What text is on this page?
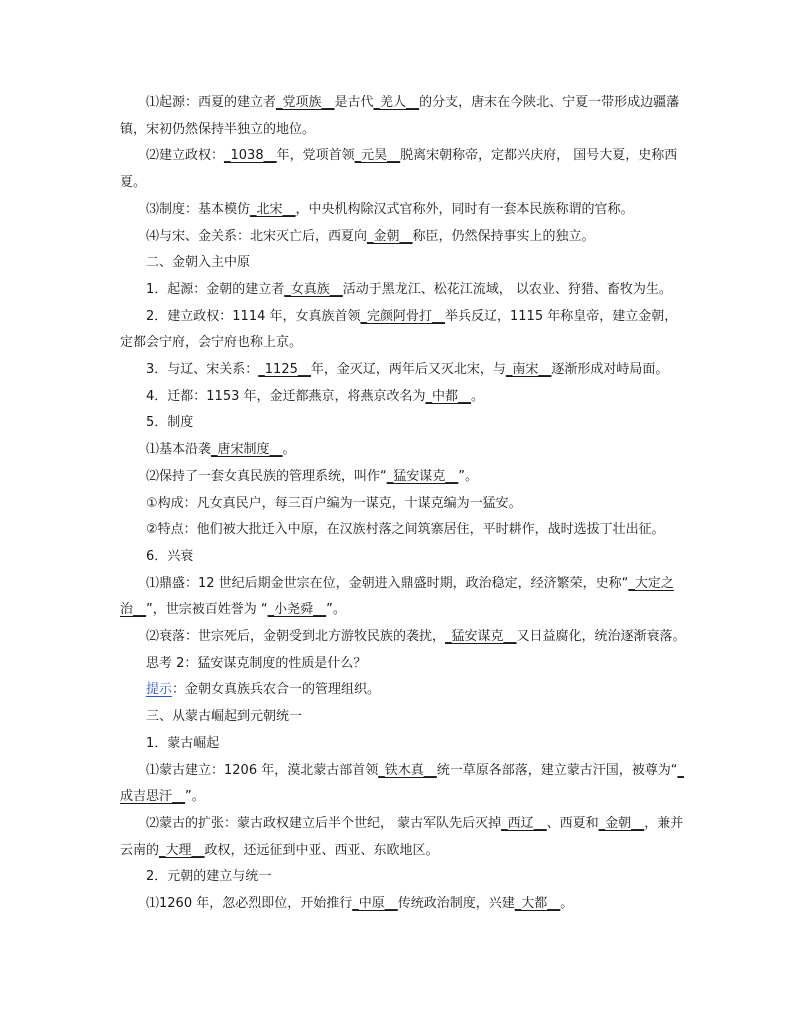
⑴起源：西夏的建立者_党项族__是古代_羌人__的分支，唐末在今陕北、宁夏一带形成边疆藩镇，宋初仍然保持半独立的地位。

⑵建立政权：_1038__年，党项首领_元昊__脱离宋朝称帝，定都兴庆府， 国号大夏，史称西夏。

⑶制度：基本模仿_北宋__，中央机构除汉式官称外，同时有一套本民族称谓的官称。

⑷与宋、金关系：北宋灭亡后，西夏向_金朝__称臣，仍然保持事实上的独立。

二、金朝入主中原

1．起源：金朝的建立者_女真族__活动于黑龙江、松花江流域， 以农业、狩猎、畜牧为生。

2．建立政权：1114 年，女真族首领_完颜阿骨打__举兵反辽，1115 年称皇帝，建立金朝，定都会宁府，会宁府也称上京。

3．与辽、宋关系：_1125__年，金灭辽，两年后又灭北宋，与_南宋__逐渐形成对峙局面。

4．迁都：1153 年，金迁都燕京，将燕京改名为_中都__。

5．制度

⑴基本沿袭_唐宋制度__。

⑵保持了一套女真民族的管理系统，叫作“_猛安谋克__”。

①构成：凡女真民户，每三百户编为一谋克，十谋克编为一猛安。

②特点：他们被大批迁入中原，在汉族村落之间筑寨居住，平时耕作，战时选拔丁壮出征。

6．兴衰

⑴鼎盛：12 世纪后期金世宗在位，金朝进入鼎盛时期，政治稳定，经济繁荣，史称“_大定之治__”，世宗被百姓誉为 “_小尧舜__”。

⑵衰落：世宗死后，金朝受到北方游牧民族的袭扰，_猛安谋克__又日益腐化，统治逐渐衰落。

思考 2：猛安谋克制度的性质是什么？

提示：金朝女真族兵农合一的管理组织。

三、从蒙古崛起到元朝统一

1．蒙古崛起

⑴蒙古建立：1206 年，漠北蒙古部首领_铁木真__统一草原各部落，建立蒙古汗国，被尊为“_成吉思汗__”。

⑵蒙古的扩张：蒙古政权建立后半个世纪， 蒙古军队先后灭掉_西辽__、西夏和_金朝__，兼并云南的_大理__政权，还远征到中亚、西亚、东欧地区。

2．元朝的建立与统一

⑴1260 年，忽必烈即位，开始推行_中原__传统政治制度，兴建_大都__。
